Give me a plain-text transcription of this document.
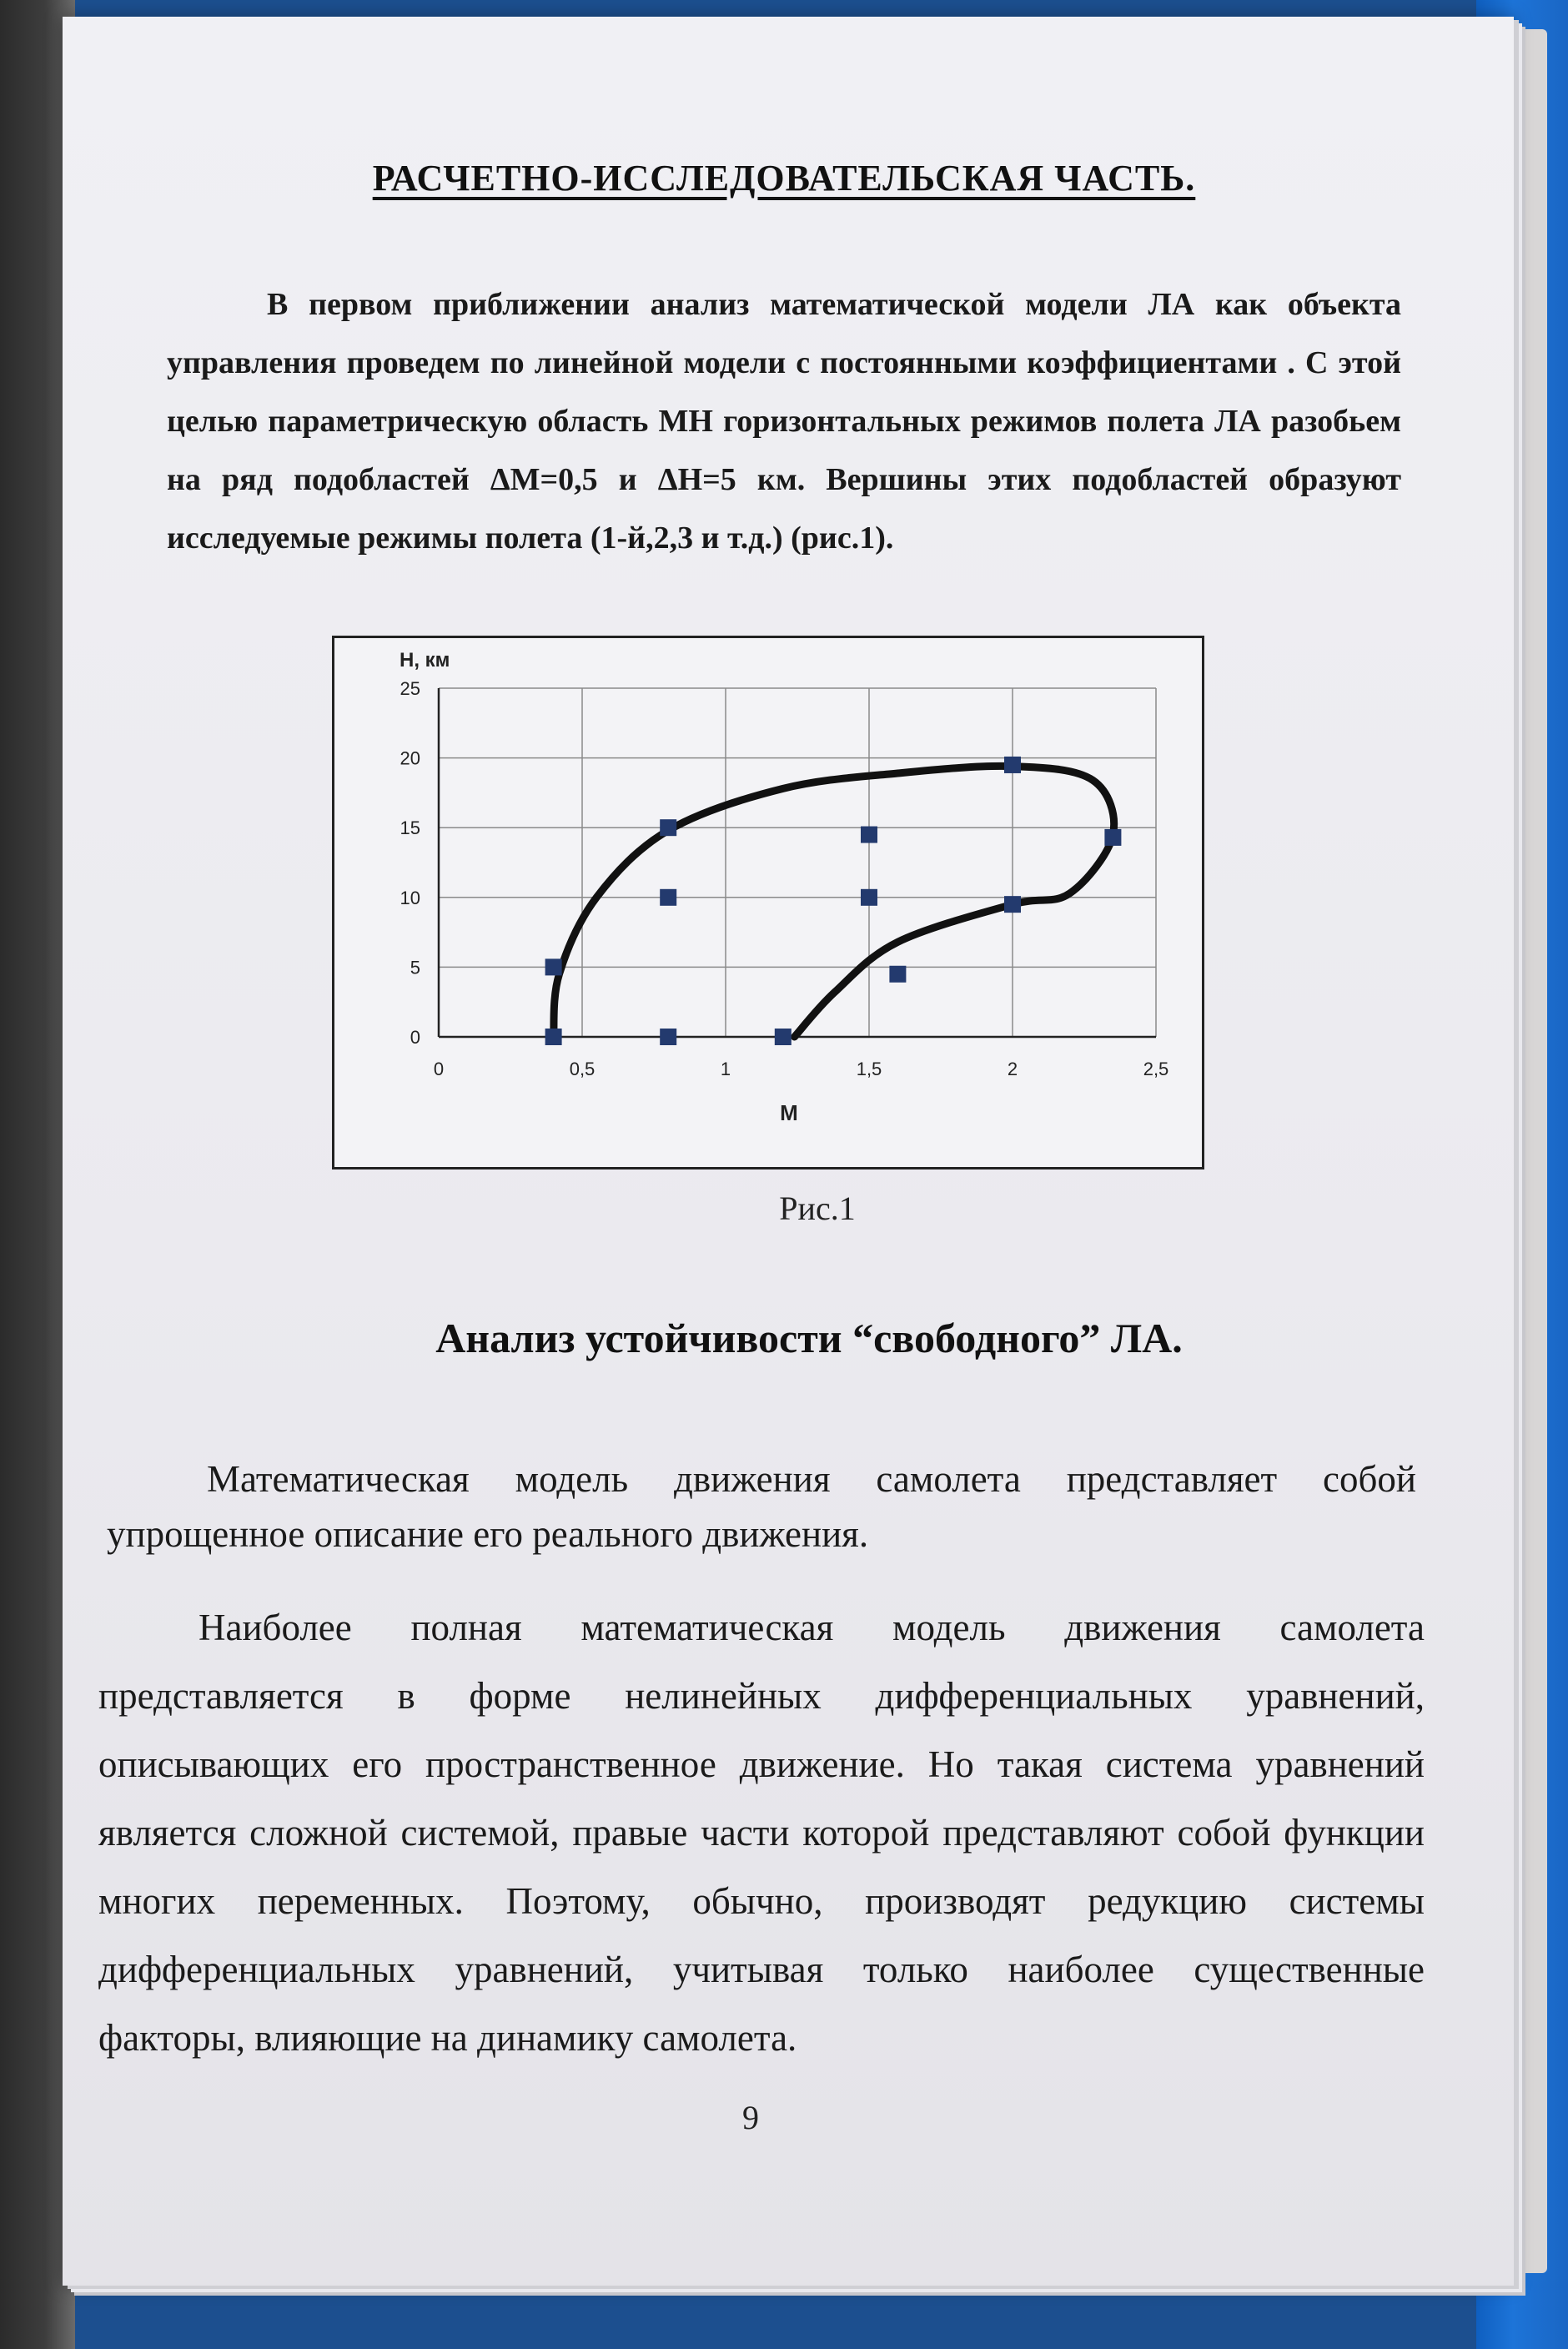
РАСЧЕТНО-ИССЛЕДОВАТЕЛЬСКАЯ ЧАСТЬ.
В первом приближении анализ математической модели ЛА как объекта управления проведем по линейной модели с постоянными коэффициентами . С этой целью параметрическую область МН горизонтальных режимов полета ЛА разобьем на ряд подобластей ΔM=0,5 и ΔH=5 км. Вершины этих подобластей образуют исследуемые режимы полета (1-й,2,3 и т.д.) (рис.1).
0	0,5	1	1,5	2	2,5
0
5
10
15
20
25
H, км
M
Рис.1
Анализ устойчивости “свободного” ЛА.
Математическая модель движения самолета представляет собой упрощенное описание его реального движения.
Наиболее полная математическая модель движения самолета представляется в форме нелинейных дифференциальных уравнений, описывающих его пространственное движение. Но такая система уравнений является сложной системой, правые части которой представляют собой функции многих переменных. Поэтому, обычно, производят редукцию системы дифференциальных уравнений, учитывая только наиболее существенные факторы, влияющие на динамику самолета.
9
